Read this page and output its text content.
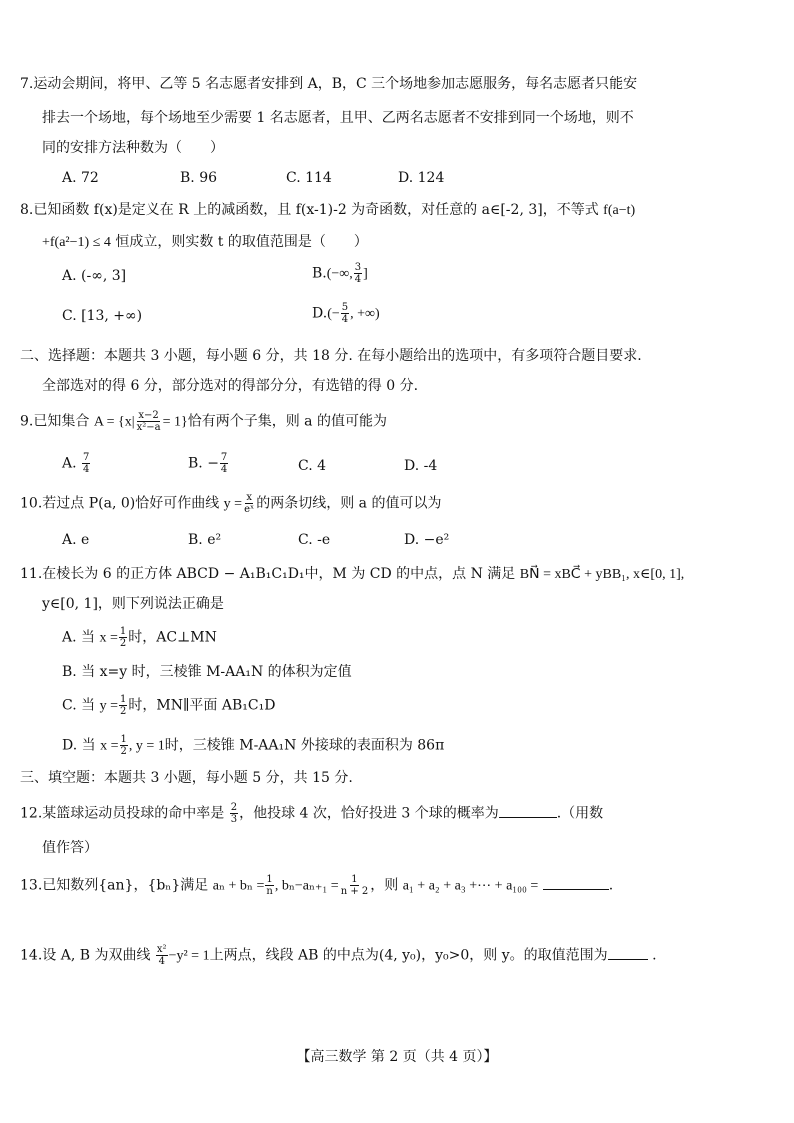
7.运动会期间，将甲、乙等 5 名志愿者安排到 A，B，C 三个场地参加志愿服务，每名志愿者只能安
排去一个场地，每个场地至少需要 1 名志愿者，且甲、乙两名志愿者不安排到同一个场地，则不
同的安排方法种数为（　　）
A. 72	B. 96	C. 114	D. 124
8.已知函数 f(x)是定义在 R 上的减函数，且 f(x-1)-2 为奇函数，对任意的 a∈[-2, 3]，不等式 f(a−t)
+f(a²−1) ≤ 4 恒成立，则实数 t 的取值范围是（　　）
A. (-∞, 3]	B.(−∞, $\frac{3}{4}$ ]
C. [13, +∞)	$D.(- \frac{5}{4}$ , +∞)
二、选择题：本题共 3 小题，每小题 6 分，共 18 分. 在每小题给出的选项中，有多项符合题目要求.
全部选对的得 6 分，部分选对的得部分分，有选错的得 0 分.
9.已知集合 $A = \{x| \frac{x-2}{\text{x²−a}} = 1\}$恰有两个子集，则 a 的值可能为
A. $\frac{7}{4}$	B. − $\frac{7}{4}$	C. 4	D. -4
10.若过点 P(a, 0)恰好可作曲线 $y = \frac{x}{\text{eˣ}}$ 的两条切线，则 a 的值可以为
A. e	B. e²	C. -e	D. −e²
11.在棱长为 6 的正方体 ABCD − A₁B₁C₁D₁中，M 为 CD 的中点，点 N 满足 BN⃗ = xBC⃗ + yBB₁, x∈[0, 1],
y∈[0, 1]，则下列说法正确是
A. 当 $x = \frac{1}{2}$ 时，AC⊥MN
B. 当 x=y 时，三棱锥 M-AA₁N 的体积为定值
C. 当 $y = \frac{1}{2}$ 时，MN∥平面 AB₁C₁D
D. 当 $x = \frac{1}{2}$ , y = 1时，三棱锥 M-AA₁N 外接球的表面积为 86π
三、填空题：本题共 3 小题，每小题 5 分，共 15 分.
12.某篮球运动员投球的命中率是 $\frac{2}{3}$ ，他投球 4 次，恰好投进 3 个球的概率为	.（用数
值作答）
13.已知数列{an}，{bₙ}满足 $a_n + b_n = \frac{1}{n}$ , $b_n-a_{n+1} = \frac{1}{n + 2}$ ，则 a₁ + a₂ + a₃ +⋯ + a₁₀₀ =	.
14.设 A, B 为双曲线 $\frac{\text{x²}}{4} -y^2 = 1$上两点，线段 AB 的中点为(4, y₀)，y₀>0，则 y。的取值范围为	.
【高三数学 第 2 页（共 4 页）】
